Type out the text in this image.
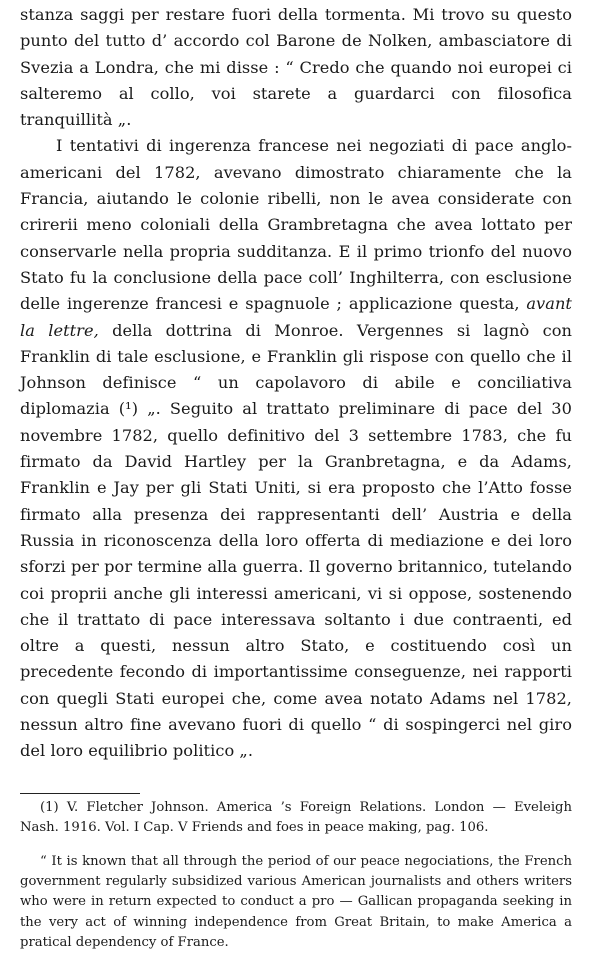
stanza saggi per restare fuori della tormenta. Mi trovo su questo punto del tutto d’ accordo col Barone de Nolken, ambasciatore di Svezia a Londra, che mi disse : “ Credo che quando noi europei ci salteremo al collo, voi starete a guardarci con filosofica tranquillità „.

I tentativi di ingerenza francese nei negoziati di pace anglo-americani del 1782, avevano dimostrato chiaramente che la Francia, aiutando le colonie ribelli, non le avea considerate con crirerii meno coloniali della Grambretagna che avea lottato per conservarle nella propria sudditanza. E il primo trionfo del nuovo Stato fu la conclusione della pace coll’ Inghilterra, con esclusione delle ingerenze francesi e spagnuole ; applicazione questa, avant la lettre, della dottrina di Monroe. Vergennes si lagnò con Franklin di tale esclusione, e Franklin gli rispose con quello che il Johnson definisce “ un capolavoro di abile e conciliativa diplomazia (¹) „. Seguito al trattato preliminare di pace del 30 novembre 1782, quello definitivo del 3 settembre 1783, che fu firmato da David Hartley per la Granbretagna, e da Adams, Franklin e Jay per gli Stati Uniti, si era proposto che l’Atto fosse firmato alla presenza dei rappresentanti dell’ Austria e della Russia in riconoscenza della loro offerta di mediazione e dei loro sforzi per por termine alla guerra. Il governo britannico, tutelando coi proprii anche gli interessi americani, vi si oppose, sostenendo che il trattato di pace interessava soltanto i due contraenti, ed oltre a questi, nessun altro Stato, e costituendo così un precedente fecondo di importantissime conseguenze, nei rapporti con quegli Stati europei che, come avea notato Adams nel 1782, nessun altro fine avevano fuori di quello “ di sospingerci nel giro del loro equilibrio politico „.

(1) V. Fletcher Johnson. America ’s Foreign Relations. London — Eveleigh Nash. 1916. Vol. I Cap. V Friends and foes in peace making, pag. 106.

“ It is known that all through the period of our peace negociations, the French government regularly subsidized various American journalists and others writers who were in return expected to conduct a pro — Gallican propaganda seeking in the very act of winning independence from Great Britain, to make America a pratical dependency of France.
